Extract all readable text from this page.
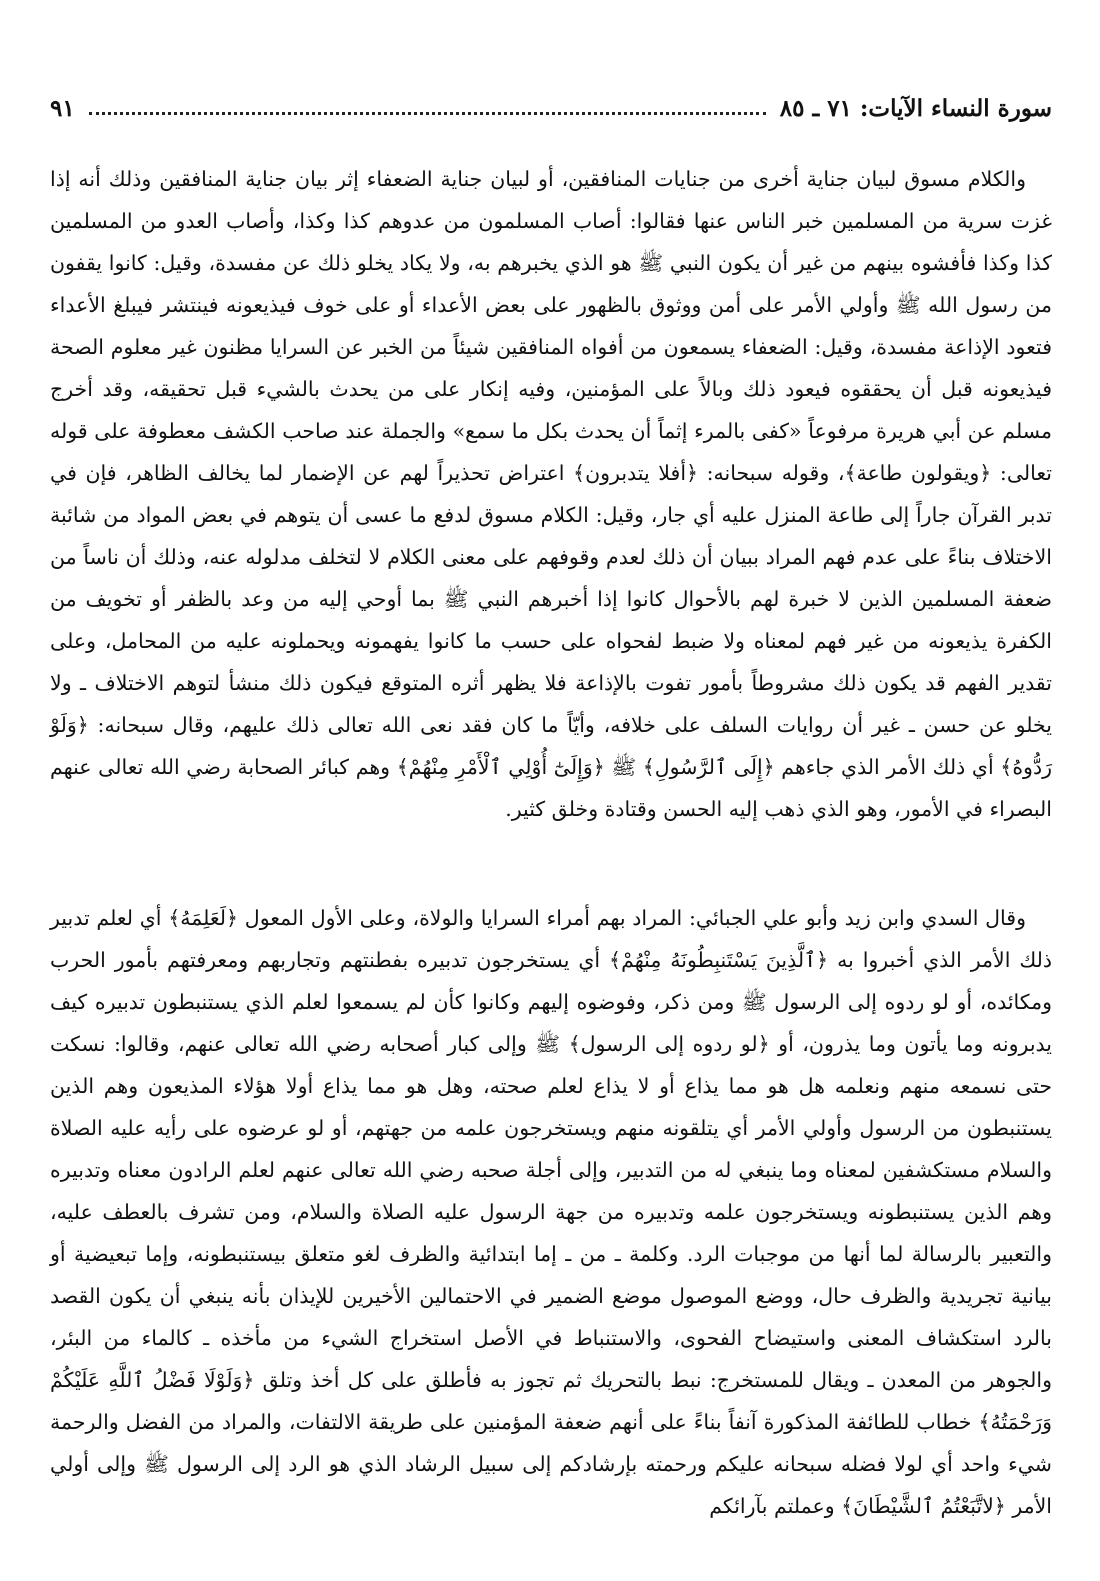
سورة النساء الآيات: ٧١ ـ ٨٥
٩١

والكلام مسوق لبيان جناية أخرى من جنايات المنافقين، أو لبيان جناية الضعفاء إثر بيان جناية المنافقين وذلك أنه إذا غزت سرية من المسلمين خبر الناس عنها فقالوا: أصاب المسلمون من عدوهم كذا وكذا، وأصاب العدو من المسلمين كذا وكذا فأفشوه بينهم من غير أن يكون النبي ﷺ هو الذي يخبرهم به، ولا يكاد يخلو ذلك عن مفسدة، وقيل: كانوا يقفون من رسول الله ﷺ وأولي الأمر على أمن ووثوق بالظهور على بعض الأعداء أو على خوف فيذيعونه فينتشر فيبلغ الأعداء فتعود الإذاعة مفسدة، وقيل: الضعفاء يسمعون من أفواه المنافقين شيئاً من الخبر عن السرايا مظنون غير معلوم الصحة فيذيعونه قبل أن يحققوه فيعود ذلك وبالاً على المؤمنين، وفيه إنكار على من يحدث بالشيء قبل تحقيقه، وقد أخرج مسلم عن أبي هريرة مرفوعاً «كفى بالمرء إثماً أن يحدث بكل ما سمع» والجملة عند صاحب الكشف معطوفة على قوله تعالى: ﴿ويقولون طاعة﴾، وقوله سبحانه: ﴿أفلا يتدبرون﴾ اعتراض تحذيراً لهم عن الإضمار لما يخالف الظاهر، فإن في تدبر القرآن جاراً إلى طاعة المنزل عليه أي جار، وقيل: الكلام مسوق لدفع ما عسى أن يتوهم في بعض المواد من شائبة الاختلاف بناءً على عدم فهم المراد ببيان أن ذلك لعدم وقوفهم على معنى الكلام لا لتخلف مدلوله عنه، وذلك أن ناساً من ضعفة المسلمين الذين لا خبرة لهم بالأحوال كانوا إذا أخبرهم النبي ﷺ بما أوحي إليه من وعد بالظفر أو تخويف من الكفرة يذيعونه من غير فهم لمعناه ولا ضبط لفحواه على حسب ما كانوا يفهمونه ويحملونه عليه من المحامل، وعلى تقدير الفهم قد يكون ذلك مشروطاً بأمور تفوت بالإذاعة فلا يظهر أثره المتوقع فيكون ذلك منشأ لتوهم الاختلاف ـ ولا يخلو عن حسن ـ غير أن روايات السلف على خلافه، وأيّاً ما كان فقد نعى الله تعالى ذلك عليهم، وقال سبحانه: ﴿وَلَوْ رَدُّوهُ﴾ أي ذلك الأمر الذي جاءهم ﴿إِلَى ٱلرَّسُولِ﴾ ﷺ ﴿وَإِلَىٰٓ أُوْلِي ٱلْأَمْرِ مِنْهُمْ﴾ وهم كبائر الصحابة رضي الله تعالى عنهم البصراء في الأمور، وهو الذي ذهب إليه الحسن وقتادة وخلق كثير.

وقال السدي وابن زيد وأبو علي الجبائي: المراد بهم أمراء السرايا والولاة، وعلى الأول المعول ﴿لَعَلِمَهُ﴾ أي لعلم تدبير ذلك الأمر الذي أخبروا به ﴿ٱلَّذِينَ يَسْتَنبِطُونَهُ مِنْهُمْ﴾ أي يستخرجون تدبيره بفطنتهم وتجاربهم ومعرفتهم بأمور الحرب ومكائده، أو لو ردوه إلى الرسول ﷺ ومن ذكر، وفوضوه إليهم وكانوا كأن لم يسمعوا لعلم الذي يستنبطون تدبيره كيف يدبرونه وما يأتون وما يذرون، أو ﴿لو ردوه إلى الرسول﴾ ﷺ وإلى كبار أصحابه رضي الله تعالى عنهم، وقالوا: نسكت حتى نسمعه منهم ونعلمه هل هو مما يذاع أو لا يذاع لعلم صحته، وهل هو مما يذاع أولا هؤلاء المذيعون وهم الذين يستنبطون من الرسول وأولي الأمر أي يتلقونه منهم ويستخرجون علمه من جهتهم، أو لو عرضوه على رأيه عليه الصلاة والسلام مستكشفين لمعناه وما ينبغي له من التدبير، وإلى أجلة صحبه رضي الله تعالى عنهم لعلم الرادون معناه وتدبيره وهم الذين يستنبطونه ويستخرجون علمه وتدبيره من جهة الرسول عليه الصلاة والسلام، ومن تشرف بالعطف عليه، والتعبير بالرسالة لما أنها من موجبات الرد. وكلمة ـ من ـ إما ابتدائية والظرف لغو متعلق بيستنبطونه، وإما تبعيضية أو بيانية تجريدية والظرف حال، ووضع الموصول موضع الضمير في الاحتمالين الأخيرين للإيذان بأنه ينبغي أن يكون القصد بالرد استكشاف المعنى واستيضاح الفحوى، والاستنباط في الأصل استخراج الشيء من مأخذه ـ كالماء من البئر، والجوهر من المعدن ـ ويقال للمستخرج: نبط بالتحريك ثم تجوز به فأطلق على كل أخذ وتلق ﴿وَلَوْلَا فَضْلُ ٱللَّهِ عَلَيْكُمْ وَرَحْمَتُهُ﴾ خطاب للطائفة المذكورة آنفاً بناءً على أنهم ضعفة المؤمنين على طريقة الالتفات، والمراد من الفضل والرحمة شيء واحد أي لولا فضله سبحانه عليكم ورحمته بإرشادكم إلى سبيل الرشاد الذي هو الرد إلى الرسول ﷺ وإلى أولي الأمر ﴿لاتَّبَعْتُمُ ٱلشَّيْطَانَ﴾ وعملتم بآرائكم
